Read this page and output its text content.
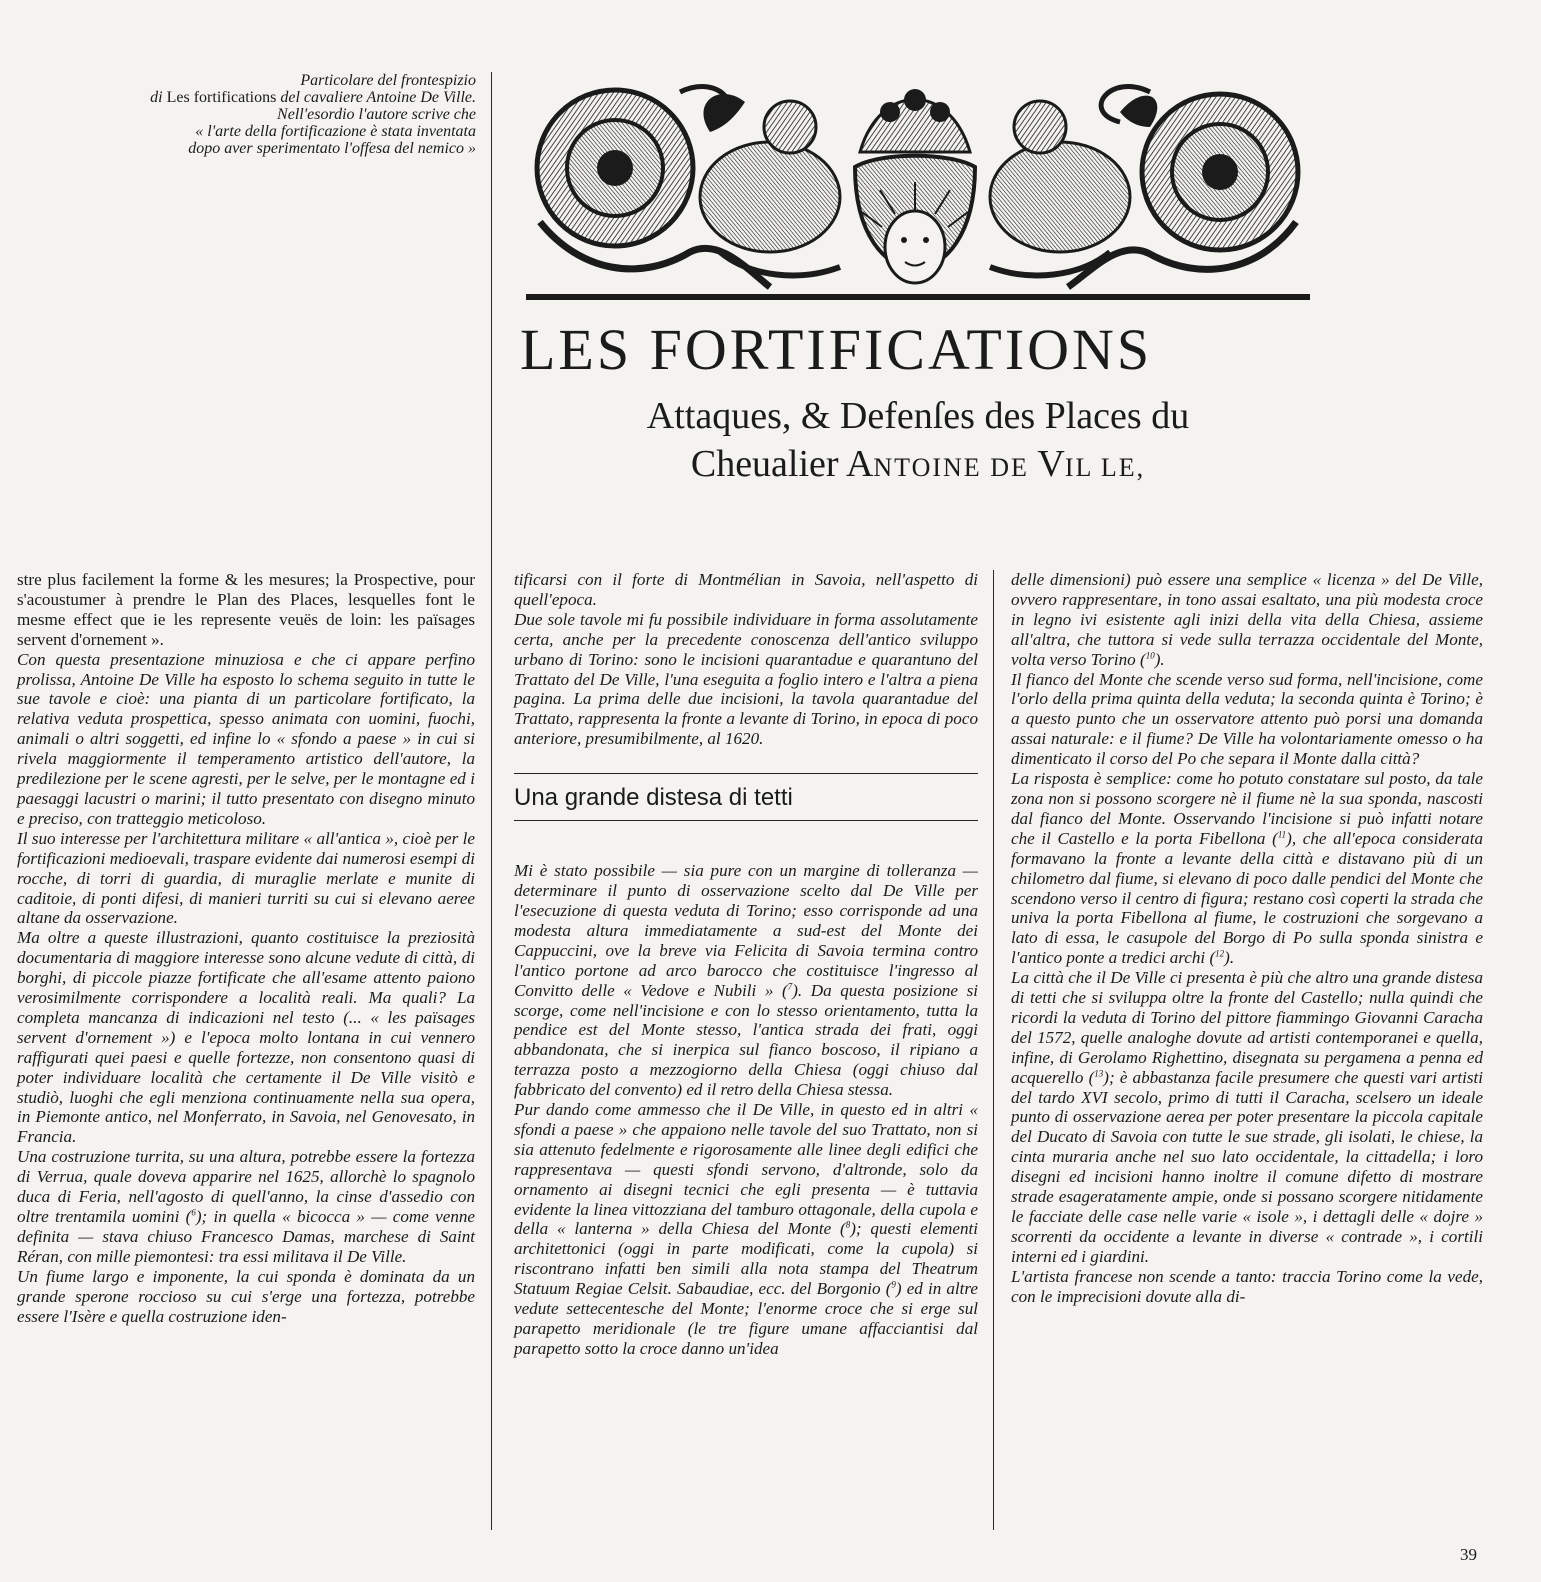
Particolare del frontespizio

di Les fortifications del cavaliere Antoine De Ville.

Nell'esordio l'autore scrive che

« l'arte della fortificazione è stata inventata

dopo aver sperimentato l'offesa del nemico »

LES FORTIFICATIONS

Attaques, & Defenſes des Places du

Cheualier ANTOINE DE VIL LE,

stre plus facilement la forme & les mesures; la Prospective, pour s'acoustumer à prendre le Plan des Places, lesquelles font le mesme effect que ie les represente veuës de loin: les païsages servent d'ornement ».

Con questa presentazione minuziosa e che ci appare perfino prolissa, Antoine De Ville ha esposto lo schema seguito in tutte le sue tavole e cioè: una pianta di un particolare fortificato, la relativa veduta prospettica, spesso animata con uomini, fuochi, animali o altri soggetti, ed infine lo « sfondo a paese » in cui si rivela maggiormente il temperamento artistico dell'autore, la predilezione per le scene agresti, per le selve, per le montagne ed i paesaggi lacustri o marini; il tutto presentato con disegno minuto e preciso, con tratteggio meticoloso.

Il suo interesse per l'architettura militare « all'antica », cioè per le fortificazioni medioevali, traspare evidente dai numerosi esempi di rocche, di torri di guardia, di muraglie merlate e munite di caditoie, di ponti difesi, di manieri turriti su cui si elevano aeree altane da osservazione.

Ma oltre a queste illustrazioni, quanto costituisce la preziosità documentaria di maggiore interesse sono alcune vedute di città, di borghi, di piccole piazze fortificate che all'esame attento paiono verosimilmente corrispondere a località reali. Ma quali? La completa mancanza di indicazioni nel testo (... « les païsages servent d'ornement ») e l'epoca molto lontana in cui vennero raffigurati quei paesi e quelle fortezze, non consentono quasi di poter individuare località che certamente il De Ville visitò e studiò, luoghi che egli menziona continuamente nella sua opera, in Piemonte antico, nel Monferrato, in Savoia, nel Genovesato, in Francia.

Una costruzione turrita, su una altura, potrebbe essere la fortezza di Verrua, quale doveva apparire nel 1625, allorchè lo spagnolo duca di Feria, nell'agosto di quell'anno, la cinse d'assedio con oltre trentamila uomini ($^6$); in quella « bicocca » — come venne definita — stava chiuso Francesco Damas, marchese di Saint Réran, con mille piemontesi: tra essi militava il De Ville.

Un fiume largo e imponente, la cui sponda è dominata da un grande sperone roccioso su cui s'erge una fortezza, potrebbe essere l'Isère e quella costruzione iden-

tificarsi con il forte di Montmélian in Savoia, nell'aspetto di quell'epoca.

Due sole tavole mi fu possibile individuare in forma assolutamente certa, anche per la precedente conoscenza dell'antico sviluppo urbano di Torino: sono le incisioni quarantadue e quarantuno del Trattato del De Ville, l'una eseguita a foglio intero e l'altra a piena pagina. La prima delle due incisioni, la tavola quarantadue del Trattato, rappresenta la fronte a levante di Torino, in epoca di poco anteriore, presumibilmente, al 1620.

Una grande distesa di tetti

Mi è stato possibile — sia pure con un margine di tolleranza — determinare il punto di osservazione scelto dal De Ville per l'esecuzione di questa veduta di Torino; esso corrisponde ad una modesta altura immediatamente a sud-est del Monte dei Cappuccini, ove la breve via Felicita di Savoia termina contro l'antico portone ad arco barocco che costituisce l'ingresso al Convitto delle « Vedove e Nubili » ($^7$). Da questa posizione si scorge, come nell'incisione e con lo stesso orientamento, tutta la pendice est del Monte stesso, l'antica strada dei frati, oggi abbandonata, che si inerpica sul fianco boscoso, il ripiano a terrazza posto a mezzogiorno della Chiesa (oggi chiuso dal fabbricato del convento) ed il retro della Chiesa stessa.

Pur dando come ammesso che il De Ville, in questo ed in altri « sfondi a paese » che appaiono nelle tavole del suo Trattato, non si sia attenuto fedelmente e rigorosamente alle linee degli edifici che rappresentava — questi sfondi servono, d'altronde, solo da ornamento ai disegni tecnici che egli presenta — è tuttavia evidente la linea vittozziana del tamburo ottagonale, della cupola e della « lanterna » della Chiesa del Monte ($^8$); questi elementi architettonici (oggi in parte modificati, come la cupola) si riscontrano infatti ben simili alla nota stampa del Theatrum Statuum Regiae Celsit. Sabaudiae, ecc. del Borgonio ($^9$) ed in altre vedute settecentesche del Monte; l'enorme croce che si erge sul parapetto meridionale (le tre figure umane affacciantisi dal parapetto sotto la croce danno un'idea

delle dimensioni) può essere una semplice « licenza » del De Ville, ovvero rappresentare, in tono assai esaltato, una più modesta croce in legno ivi esistente agli inizi della vita della Chiesa, assieme all'altra, che tuttora si vede sulla terrazza occidentale del Monte, volta verso Torino ($^{10}$).

Il fianco del Monte che scende verso sud forma, nell'incisione, come l'orlo della prima quinta della veduta; la seconda quinta è Torino; è a questo punto che un osservatore attento può porsi una domanda assai naturale: e il fiume? De Ville ha volontariamente omesso o ha dimenticato il corso del Po che separa il Monte dalla città?

La risposta è semplice: come ho potuto constatare sul posto, da tale zona non si possono scorgere nè il fiume nè la sua sponda, nascosti dal fianco del Monte. Osservando l'incisione si può infatti notare che il Castello e la porta Fibellona ($^{11}$), che all'epoca considerata formavano la fronte a levante della città e distavano più di un chilometro dal fiume, si elevano di poco dalle pendici del Monte che scendono verso il centro di figura; restano così coperti la strada che univa la porta Fibellona al fiume, le costruzioni che sorgevano a lato di essa, le casupole del Borgo di Po sulla sponda sinistra e l'antico ponte a tredici archi ($^{12}$).

La città che il De Ville ci presenta è più che altro una grande distesa di tetti che si sviluppa oltre la fronte del Castello; nulla quindi che ricordi la veduta di Torino del pittore fiammingo Giovanni Caracha del 1572, quelle analoghe dovute ad artisti contemporanei e quella, infine, di Gerolamo Righettino, disegnata su pergamena a penna ed acquerello ($^{13}$); è abbastanza facile presumere che questi vari artisti del tardo XVI secolo, primo di tutti il Caracha, scelsero un ideale punto di osservazione aerea per poter presentare la piccola capitale del Ducato di Savoia con tutte le sue strade, gli isolati, le chiese, la cinta muraria anche nel suo lato occidentale, la cittadella; i loro disegni ed incisioni hanno inoltre il comune difetto di mostrare strade esageratamente ampie, onde si possano scorgere nitidamente le facciate delle case nelle varie « isole », i dettagli delle « dojre » scorrenti da occidente a levante in diverse « contrade », i cortili interni ed i giardini.

L'artista francese non scende a tanto: traccia Torino come la vede, con le imprecisioni dovute alla di-

39
